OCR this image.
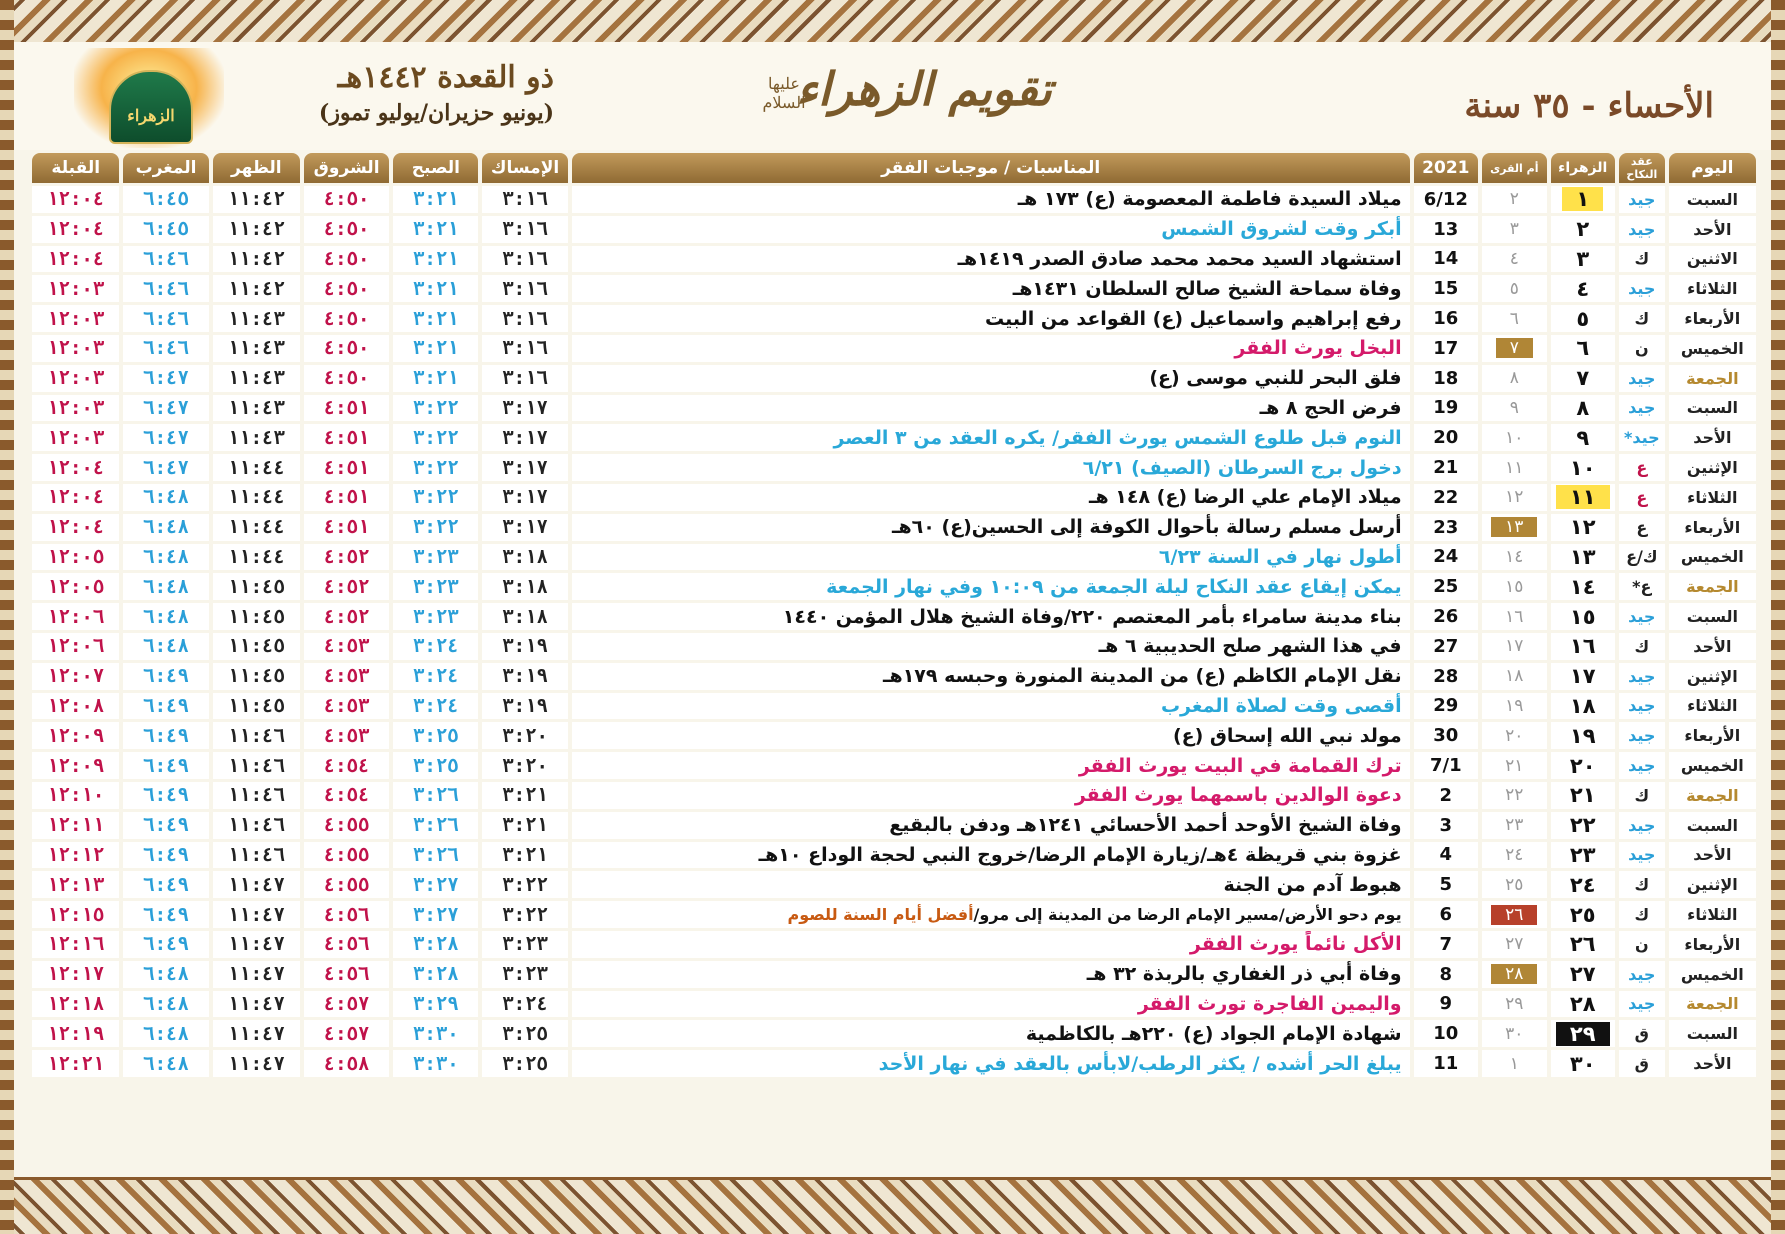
الزهراء
ذو القعدة ١٤٤٢هـ
(يونيو حزيران/يوليو تموز)
عليها السلام
تقويم الزهراء	الأحساء - ٣٥ سنة
اليوم	عقد النكاح	الزهراء	أم القرى	2021	المناسبات / موجبات الفقر	الإمساك	الصبح	الشروق	الظهر	المغرب	القبلة
السبت	جيد	١	٢	6/12	ميلاد السيدة فاطمة المعصومة (ع) ١٧٣ هـ	٣:١٦	٣:٢١	٤:٥٠	١١:٤٢	٦:٤٥	١٢:٠٤
الأحد	جيد	٢	٣	13	أبكر وقت لشروق الشمس	٣:١٦	٣:٢١	٤:٥٠	١١:٤٢	٦:٤٥	١٢:٠٤
الاثنين	ك	٣	٤	14	استشهاد السيد محمد محمد صادق الصدر ١٤١٩هـ	٣:١٦	٣:٢١	٤:٥٠	١١:٤٢	٦:٤٦	١٢:٠٤
الثلاثاء	جيد	٤	٥	15	وفاة سماحة الشيخ صالح السلطان ١٤٣١هـ	٣:١٦	٣:٢١	٤:٥٠	١١:٤٢	٦:٤٦	١٢:٠٣
الأربعاء	ك	٥	٦	16	رفع إبراهيم واسماعيل (ع) القواعد من البيت	٣:١٦	٣:٢١	٤:٥٠	١١:٤٣	٦:٤٦	١٢:٠٣
الخميس	ن	٦	٧	17	البخل يورث الفقر	٣:١٦	٣:٢١	٤:٥٠	١١:٤٣	٦:٤٦	١٢:٠٣
الجمعة	جيد	٧	٨	18	فلق البحر للنبي موسى (ع)	٣:١٦	٣:٢١	٤:٥٠	١١:٤٣	٦:٤٧	١٢:٠٣
السبت	جيد	٨	٩	19	فرض الحج ٨ هـ	٣:١٧	٣:٢٢	٤:٥١	١١:٤٣	٦:٤٧	١٢:٠٣
الأحد	جيد*	٩	١٠	20	النوم قبل طلوع الشمس يورث الفقر/ يكره العقد من ٣ العصر	٣:١٧	٣:٢٢	٤:٥١	١١:٤٣	٦:٤٧	١٢:٠٣
الإثنين	ع	١٠	١١	21	دخول برج السرطان (الصيف) ٦/٢١	٣:١٧	٣:٢٢	٤:٥١	١١:٤٤	٦:٤٧	١٢:٠٤
الثلاثاء	ع	١١	١٢	22	ميلاد الإمام علي الرضا (ع) ١٤٨ هـ	٣:١٧	٣:٢٢	٤:٥١	١١:٤٤	٦:٤٨	١٢:٠٤
الأربعاء	ع	١٢	١٣	23	أرسل مسلم رسالة بأحوال الكوفة إلى الحسين(ع) ٦٠هـ	٣:١٧	٣:٢٢	٤:٥١	١١:٤٤	٦:٤٨	١٢:٠٤
الخميس	ك/ع	١٣	١٤	24	أطول نهار في السنة ٦/٢٣	٣:١٨	٣:٢٣	٤:٥٢	١١:٤٤	٦:٤٨	١٢:٠٥
الجمعة	ع*	١٤	١٥	25	يمكن إيقاع عقد النكاح ليلة الجمعة من ١٠:٠٩ وفي نهار الجمعة	٣:١٨	٣:٢٣	٤:٥٢	١١:٤٥	٦:٤٨	١٢:٠٥
السبت	جيد	١٥	١٦	26	بناء مدينة سامراء بأمر المعتصم ٢٢٠/وفاة الشيخ هلال المؤمن ١٤٤٠	٣:١٨	٣:٢٣	٤:٥٢	١١:٤٥	٦:٤٨	١٢:٠٦
الأحد	ك	١٦	١٧	27	في هذا الشهر صلح الحديبية ٦ هـ	٣:١٩	٣:٢٤	٤:٥٣	١١:٤٥	٦:٤٨	١٢:٠٦
الإثنين	جيد	١٧	١٨	28	نقل الإمام الكاظم (ع) من المدينة المنورة وحبسه ١٧٩هـ	٣:١٩	٣:٢٤	٤:٥٣	١١:٤٥	٦:٤٩	١٢:٠٧
الثلاثاء	جيد	١٨	١٩	29	أقصى وقت لصلاة المغرب	٣:١٩	٣:٢٤	٤:٥٣	١١:٤٥	٦:٤٩	١٢:٠٨
الأربعاء	جيد	١٩	٢٠	30	مولد نبي الله إسحاق (ع)	٣:٢٠	٣:٢٥	٤:٥٣	١١:٤٦	٦:٤٩	١٢:٠٩
الخميس	جيد	٢٠	٢١	7/1	ترك القمامة في البيت يورث الفقر	٣:٢٠	٣:٢٥	٤:٥٤	١١:٤٦	٦:٤٩	١٢:٠٩
الجمعة	ك	٢١	٢٢	2	دعوة الوالدين باسمهما يورث الفقر	٣:٢١	٣:٢٦	٤:٥٤	١١:٤٦	٦:٤٩	١٢:١٠
السبت	جيد	٢٢	٢٣	3	وفاة الشيخ الأوحد أحمد الأحسائي ١٢٤١هـ ودفن بالبقيع	٣:٢١	٣:٢٦	٤:٥٥	١١:٤٦	٦:٤٩	١٢:١١
الأحد	جيد	٢٣	٢٤	4	غزوة بني قريظة ٤هـ/زيارة الإمام الرضا/خروج النبي لحجة الوداع ١٠هـ	٣:٢١	٣:٢٦	٤:٥٥	١١:٤٦	٦:٤٩	١٢:١٢
الإثنين	ك	٢٤	٢٥	5	هبوط آدم من الجنة	٣:٢٢	٣:٢٧	٤:٥٥	١١:٤٧	٦:٤٩	١٢:١٣
الثلاثاء	ك	٢٥	٢٦	6	يوم دحو الأرض/مسير الإمام الرضا من المدينة إلى مرو/أفضل أيام السنة للصوم	٣:٢٢	٣:٢٧	٤:٥٦	١١:٤٧	٦:٤٩	١٢:١٥
الأربعاء	ن	٢٦	٢٧	7	الأكل نائماً يورث الفقر	٣:٢٣	٣:٢٨	٤:٥٦	١١:٤٧	٦:٤٩	١٢:١٦
الخميس	جيد	٢٧	٢٨	8	وفاة أبي ذر الغفاري بالربذة ٣٢ هـ	٣:٢٣	٣:٢٨	٤:٥٦	١١:٤٧	٦:٤٨	١٢:١٧
الجمعة	جيد	٢٨	٢٩	9	واليمين الفاجرة تورث الفقر	٣:٢٤	٣:٢٩	٤:٥٧	١١:٤٧	٦:٤٨	١٢:١٨
السبت	ق	٢٩	٣٠	10	شهادة الإمام الجواد (ع) ٢٢٠هـ بالكاظمية	٣:٢٥	٣:٣٠	٤:٥٧	١١:٤٧	٦:٤٨	١٢:١٩
الأحد	ق	٣٠	١	11	يبلغ الحر أشده / يكثر الرطب/لابأس بالعقد في نهار الأحد	٣:٢٥	٣:٣٠	٤:٥٨	١١:٤٧	٦:٤٨	١٢:٢١
